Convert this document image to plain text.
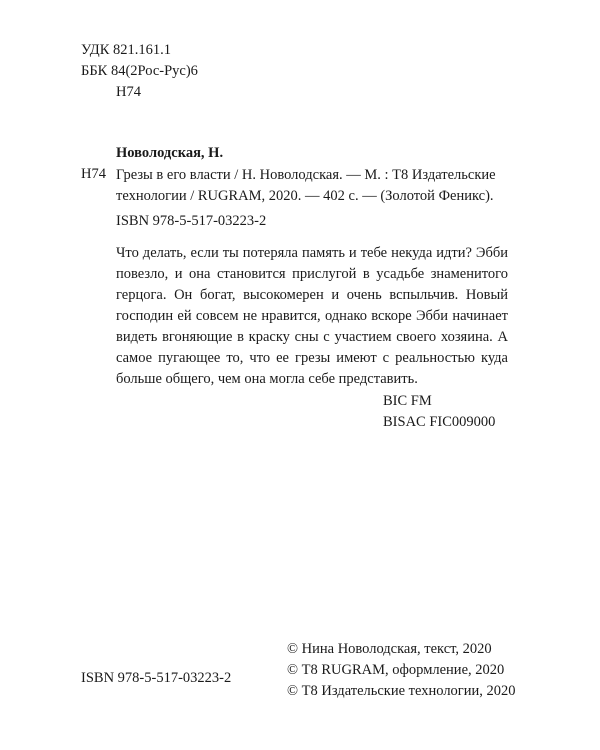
УДК 821.161.1
ББК 84(2Рос-Рус)6
Н74
Новолодская, Н.
Н74 Грезы в его власти / Н. Новолодская. — М. : Т8 Издательские
технологии / RUGRAM, 2020. — 402 с. — (Золотой Феникс).
ISBN 978-5-517-03223-2
Что делать, если ты потеряла память и тебе некуда идти? Эбби повезло, и она становится прислугой в усадьбе знаменитого герцога. Он богат, высокомерен и очень вспыльчив. Новый господин ей совсем не нравится, однако вскоре Эбби начинает видеть вгоняющие в краску сны с участием своего хозяина. А самое пугающее то, что ее грезы имеют с реальностью куда больше общего, чем она могла себе представить.
BIC FM
BISAC FIC009000
ISBN 978-5-517-03223-2
© Нина Новолодская, текст, 2020
© Т8 RUGRAM, оформление, 2020
© Т8 Издательские технологии, 2020
